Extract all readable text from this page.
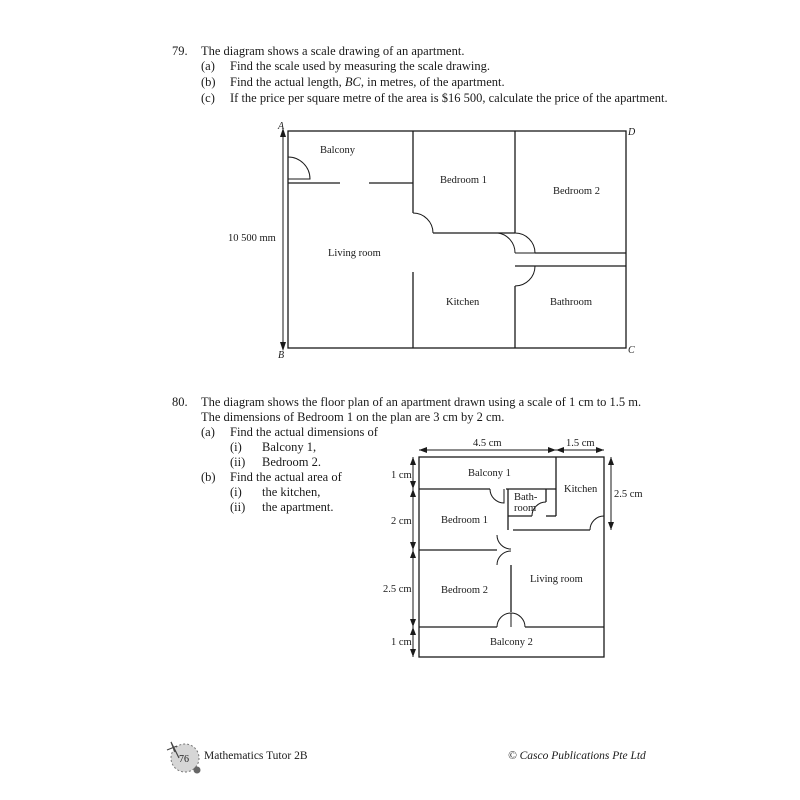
79. The diagram shows a scale drawing of an apartment.
(a) Find the scale used by measuring the scale drawing.
(b) Find the actual length, BC, in metres, of the apartment.
(c) If the price per square metre of the area is $16 500, calculate the price of the apartment.
A
D
B	C
10 500 mm
Balcony
Bedroom 1
Bedroom 2
Living room
Kitchen	Bathroom
80. The diagram shows the floor plan of an apartment drawn using a scale of 1 cm to 1.5 m.
The dimensions of Bedroom 1 on the plan are 3 cm by 2 cm.
(a) Find the actual dimensions of
(i) Balcony 1,
(ii) Bedroom 2.
(b) Find the actual area of
(i) the kitchen,
(ii) the apartment.
4.5 cm	1.5 cm
2.5 cm
1 cm
2 cm
2.5 cm
1 cm
Balcony 1
Kitchen
Bath-
room
Bedroom 1
Living room
Bedroom 2
Balcony 2
76 Mathematics Tutor 2B	© Casco Publications Pte Ltd
